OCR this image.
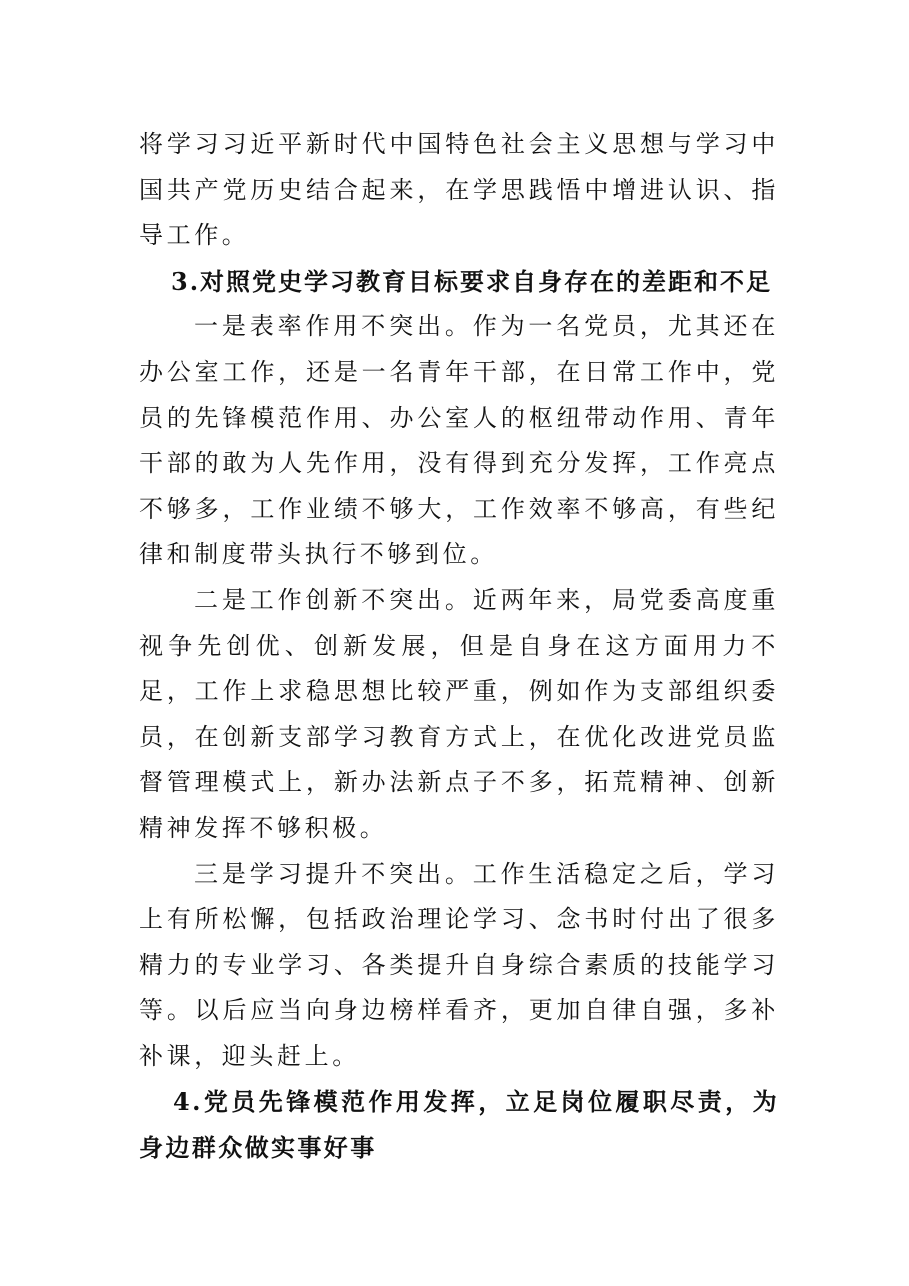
将学习习近平新时代中国特色社会主义思想与学习中国共产党历史结合起来，在学思践悟中增进认识、指导工作。

3.对照党史学习教育目标要求自身存在的差距和不足

一是表率作用不突出。作为一名党员，尤其还在办公室工作，还是一名青年干部，在日常工作中，党员的先锋模范作用、办公室人的枢纽带动作用、青年干部的敢为人先作用，没有得到充分发挥，工作亮点不够多，工作业绩不够大，工作效率不够高，有些纪律和制度带头执行不够到位。

二是工作创新不突出。近两年来，局党委高度重视争先创优、创新发展，但是自身在这方面用力不足，工作上求稳思想比较严重，例如作为支部组织委员，在创新支部学习教育方式上，在优化改进党员监督管理模式上，新办法新点子不多，拓荒精神、创新精神发挥不够积极。

三是学习提升不突出。工作生活稳定之后，学习上有所松懈，包括政治理论学习、念书时付出了很多精力的专业学习、各类提升自身综合素质的技能学习等。以后应当向身边榜样看齐，更加自律自强，多补补课，迎头赶上。

4.党员先锋模范作用发挥，立足岗位履职尽责，为身边群众做实事好事
